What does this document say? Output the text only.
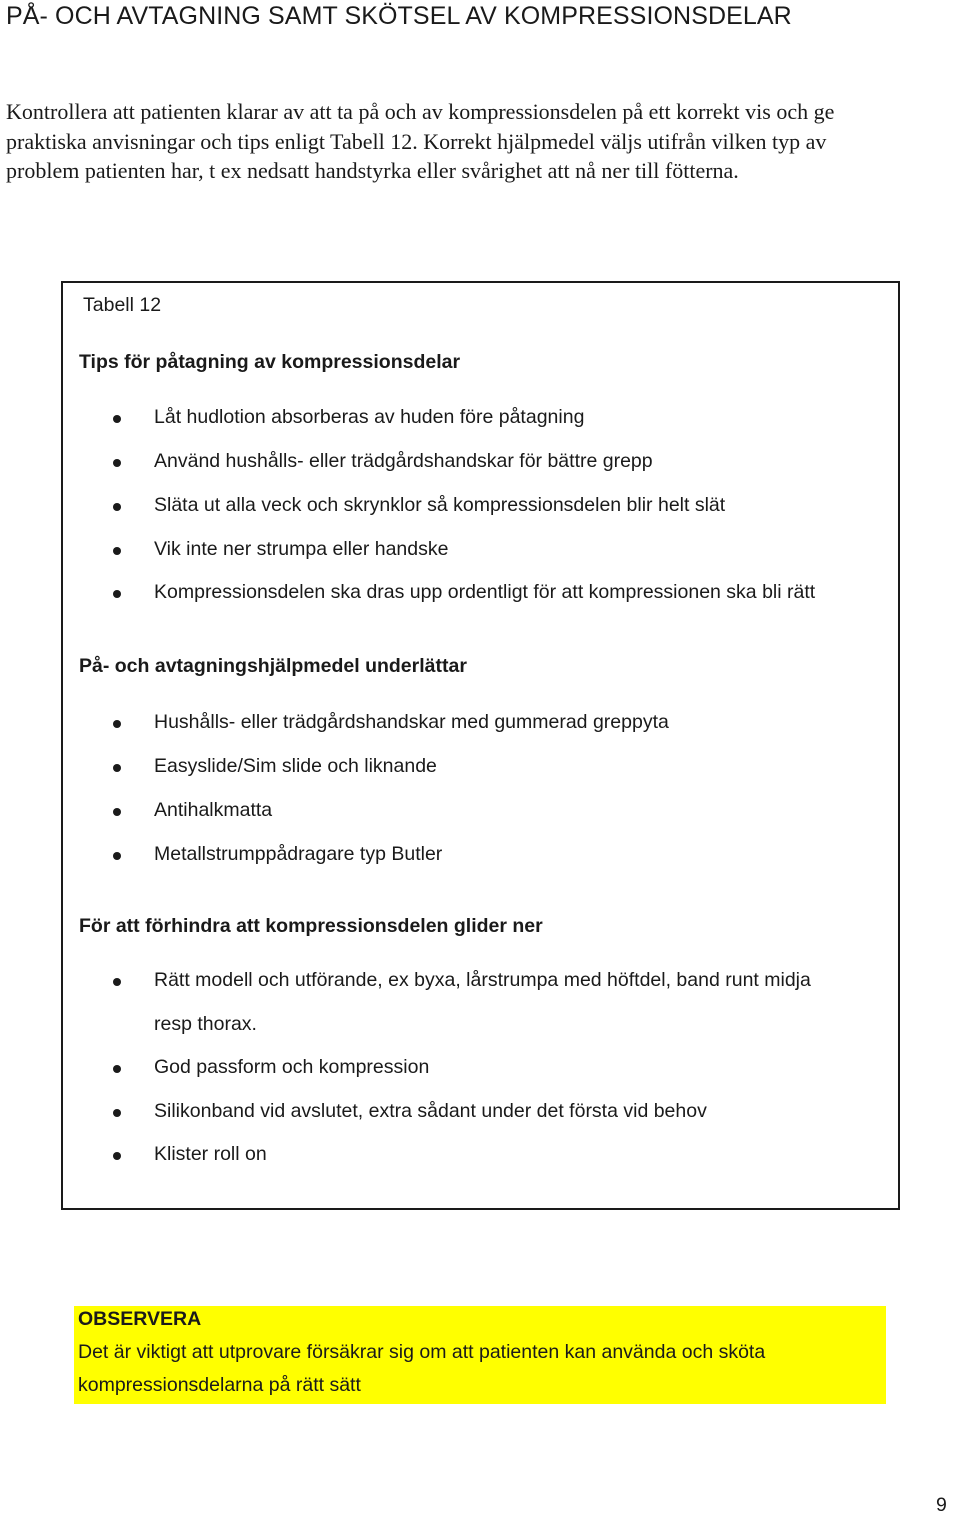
PÅ- OCH AVTAGNING SAMT SKÖTSEL AV KOMPRESSIONSDELAR
Kontrollera att patienten klarar av att ta på och av kompressionsdelen på ett korrekt vis och ge
praktiska anvisningar och tips enligt Tabell 12. Korrekt hjälpmedel väljs utifrån vilken typ av
problem patienten har, t ex nedsatt handstyrka eller svårighet att nå ner till fötterna.
Tabell 12
Tips för påtagning av kompressionsdelar
Låt hudlotion absorberas av huden före påtagning
Använd hushålls- eller trädgårdshandskar för bättre grepp
Släta ut alla veck och skrynklor så kompressionsdelen blir helt slät
Vik inte ner strumpa eller handske
Kompressionsdelen ska dras upp ordentligt för att kompressionen ska bli rätt
På- och avtagningshjälpmedel underlättar
Hushålls- eller trädgårdshandskar med gummerad greppyta
Easyslide/Sim slide och liknande
Antihalkmatta
Metallstrumppådragare typ Butler
För att förhindra att kompressionsdelen glider ner
Rätt modell och utförande, ex byxa, lårstrumpa med höftdel, band runt midja
resp thorax.
God passform och kompression
Silikonband vid avslutet, extra sådant under det första vid behov
Klister roll on
OBSERVERA
Det är viktigt att utprovare försäkrar sig om att patienten kan använda och sköta
kompressionsdelarna på rätt sätt
9
